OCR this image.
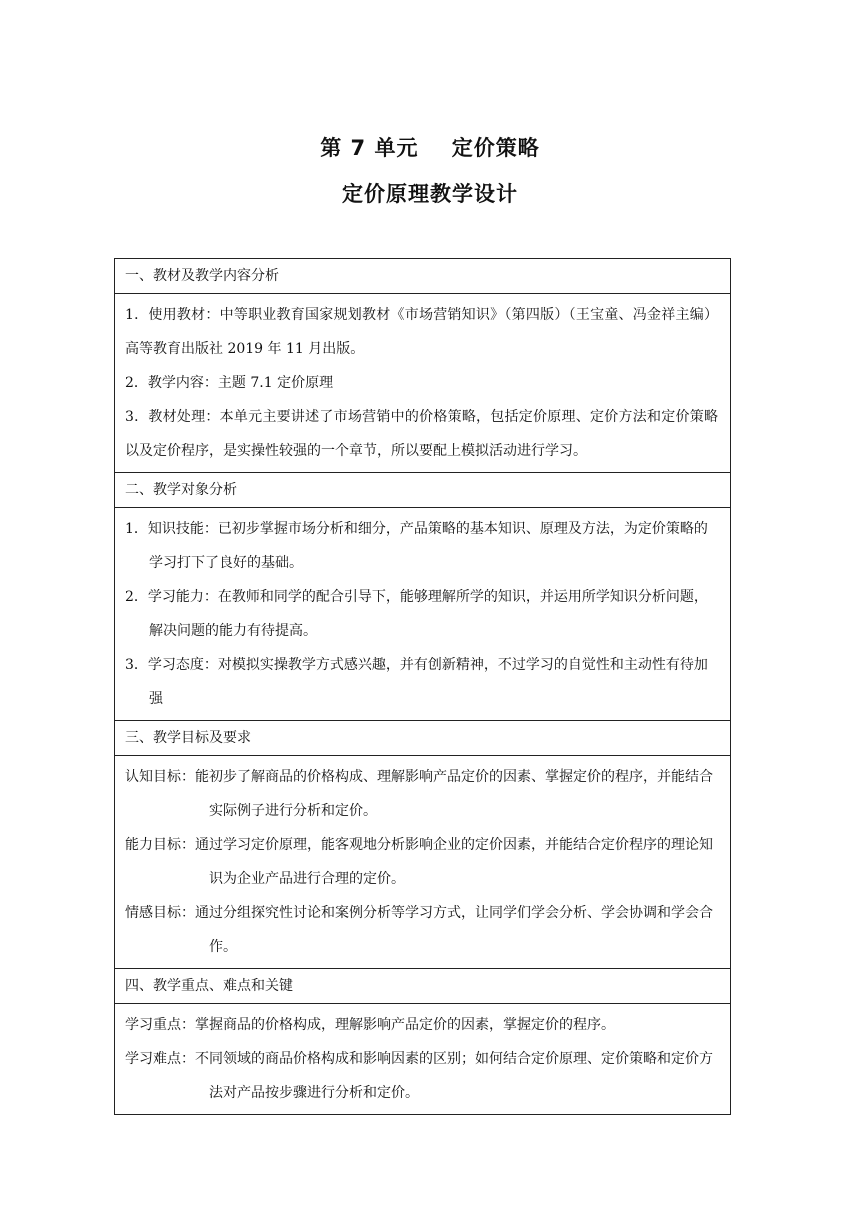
第 7 单元    定价策略
定价原理教学设计
一、教材及教学内容分析

1．使用教材：中等职业教育国家规划教材《市场营销知识》（第四版）（王宝童、冯金祥主编）高等教育出版社 2019 年 11 月出版。
2．教学内容：主题 7.1 定价原理
3．教材处理：本单元主要讲述了市场营销中的价格策略，包括定价原理、定价方法和定价策略以及定价程序，是实操性较强的一个章节，所以要配上模拟活动进行学习。

二、教学对象分析

1．知识技能：已初步掌握市场分析和细分，产品策略的基本知识、原理及方法，为定价策略的学习打下了良好的基础。
2．学习能力：在教师和同学的配合引导下，能够理解所学的知识，并运用所学知识分析问题，解决问题的能力有待提高。
3．学习态度：对模拟实操教学方式感兴趣，并有创新精神，不过学习的自觉性和主动性有待加强

三、教学目标及要求

认知目标：能初步了解商品的价格构成、理解影响产品定价的因素、掌握定价的程序，并能结合实际例子进行分析和定价。
能力目标：通过学习定价原理，能客观地分析影响企业的定价因素，并能结合定价程序的理论知识为企业产品进行合理的定价。
情感目标：通过分组探究性讨论和案例分析等学习方式，让同学们学会分析、学会协调和学会合作。

四、教学重点、难点和关键

学习重点：掌握商品的价格构成，理解影响产品定价的因素，掌握定价的程序。
学习难点：不同领域的商品价格构成和影响因素的区别；如何结合定价原理、定价策略和定价方法对产品按步骤进行分析和定价。
